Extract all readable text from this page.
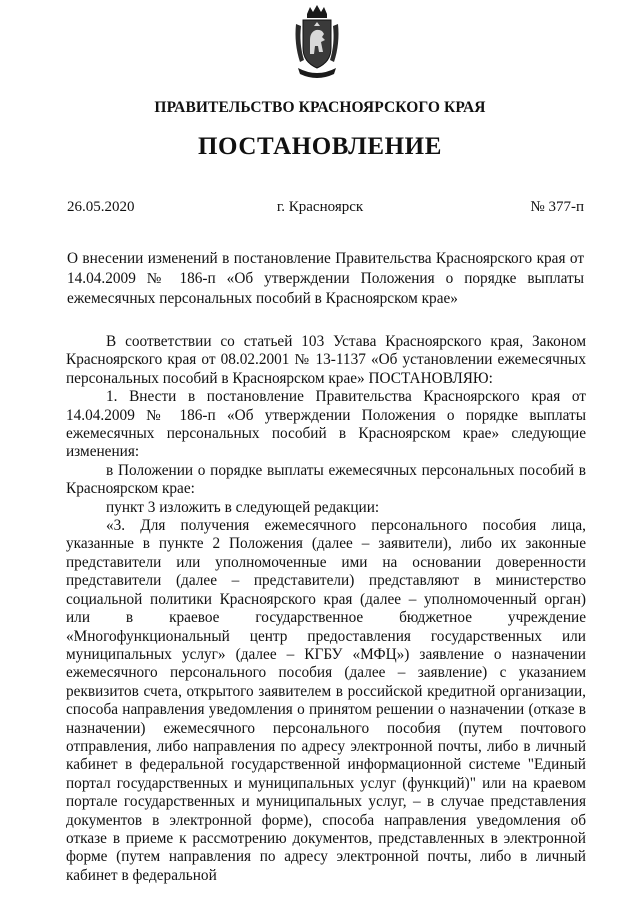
ПРАВИТЕЛЬСТВО КРАСНОЯРСКОГО КРАЯ
ПОСТАНОВЛЕНИЕ
26.05.2020	г. Красноярск	№ 377-п
О внесении изменений в постановление Правительства Красноярского края от 14.04.2009 № 186-п «Об утверждении Положения о порядке выплаты ежемесячных персональных пособий в Красноярском крае»

В соответствии со статьей 103 Устава Красноярского края, Законом Красноярского края от 08.02.2001 № 13-1137 «Об установлении ежемесячных персональных пособий в Красноярском крае» ПОСТАНОВЛЯЮ:

1. Внести в постановление Правительства Красноярского края от 14.04.2009 № 186-п «Об утверждении Положения о порядке выплаты ежемесячных персональных пособий в Красноярском крае» следующие изменения:

в Положении о порядке выплаты ежемесячных персональных пособий в Красноярском крае:

пункт 3 изложить в следующей редакции:

«3. Для получения ежемесячного персонального пособия лица, указанные в пункте 2 Положения (далее – заявители), либо их законные представители или уполномоченные ими на основании доверенности представители (далее – представители) представляют в министерство социальной политики Красноярского края (далее – уполномоченный орган) или в краевое государственное бюджетное учреждение «Многофункциональный центр предоставления государственных или муниципальных услуг» (далее – КГБУ «МФЦ») заявление о назначении ежемесячного персонального пособия (далее – заявление) с указанием реквизитов счета, открытого заявителем в российской кредитной организации, способа направления уведомления о принятом решении о назначении (отказе в назначении) ежемесячного персонального пособия (путем почтового отправления, либо направления по адресу электронной почты, либо в личный кабинет в федеральной государственной информационной системе "Единый портал государственных и муниципальных услуг (функций)" или на краевом портале государственных и муниципальных услуг, – в случае представления документов в электронной форме), способа направления уведомления об отказе в приеме к рассмотрению документов, представленных в электронной форме (путем направления по адресу электронной почты, либо в личный кабинет в федеральной
